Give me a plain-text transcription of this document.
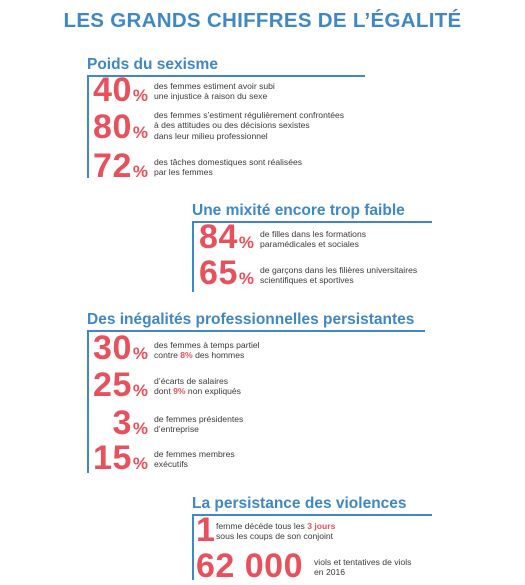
LES GRANDS CHIFFRES DE L’ÉGALITÉ
Poids du sexisme
40% des femmes estiment avoir subi
une injustice à raison du sexe
80%
des femmes s’estiment régulièrement confrontées
à des attitudes ou des décisions sexistes
dans leur milieu professionnel
72% des tâches domestiques sont réalisées
par les femmes
Une mixité encore trop faible
84% de filles dans les formations
paramédicales et sociales
65% de garçons dans les filières universitaires
scientifiques et sportives
Des inégalités professionnelles persistantes
30% des femmes à temps partiel
contre 8% des hommes
25% d’écarts de salaires
dont 9% non expliqués
3% de femmes présidentes
d’entreprise
15% de femmes membres
exécutifs
La persistance des violences
1 femme décède tous les 3 jours
sous les coups de son conjoint
62 000	viols et tentatives de viols
en 2016
